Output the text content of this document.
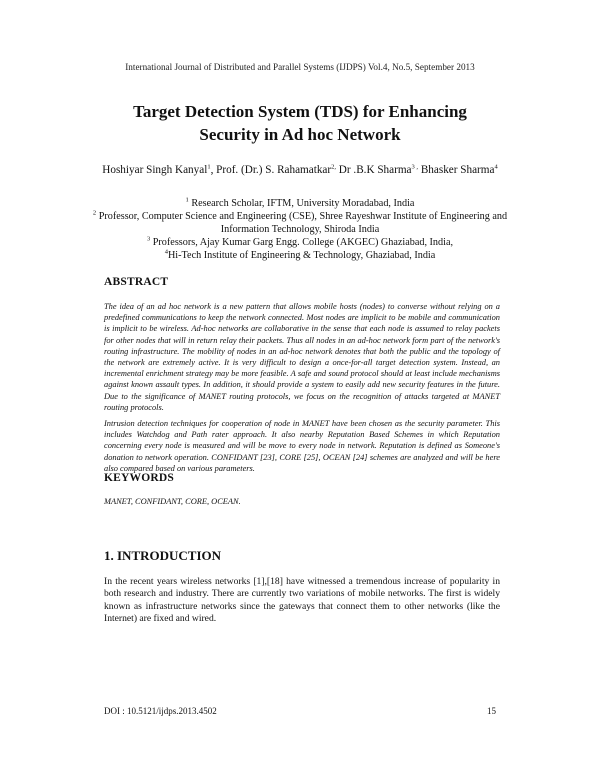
International Journal of Distributed and Parallel Systems (IJDPS) Vol.4, No.5, September 2013
Target Detection System (TDS) for Enhancing
Security in Ad hoc Network
Hoshiyar Singh Kanyal$^1$, Prof. (Dr.) S. Rahamatkar$^{2,}$ Dr .B.K Sharma$^{3 ,}$ Bhasker Sharma$^4$
$^1$ Research Scholar, IFTM, University Moradabad, India
$^2$ Professor, Computer Science and Engineering (CSE), Shree Rayeshwar Institute of Engineering and Information Technology, Shiroda India
$^3$ Professors, Ajay Kumar Garg Engg. College (AKGEC) Ghaziabad, India,
$^4$Hi-Tech Institute of Engineering & Technology, Ghaziabad, India
ABSTRACT

The idea of an ad hoc network is a new pattern that allows mobile hosts (nodes) to converse without relying on a predefined communications to keep the network connected. Most nodes are implicit to be mobile and communication is implicit to be wireless. Ad-hoc networks are collaborative in the sense that each node is assumed to relay packets for other nodes that will in return relay their packets. Thus all nodes in an ad-hoc network form part of the network's routing infrastructure. The mobility of nodes in an ad-hoc network denotes that both the public and the topology of the network are extremely active. It is very difficult to design a once-for-all target detection system. Instead, an incremental enrichment strategy may be more feasible. A safe and sound protocol should at least include mechanisms against known assault types. In addition, it should provide a system to easily add new security features in the future. Due to the significance of MANET routing protocols, we focus on the recognition of attacks targeted at MANET routing protocols.

Intrusion detection techniques for cooperation of node in MANET have been chosen as the security parameter. This includes Watchdog and Path rater approach. It also nearby Reputation Based Schemes in which Reputation concerning every node is measured and will be move to every node in network. Reputation is defined as Someone's donation to network operation. CONFIDANT [23], CORE [25], OCEAN [24] schemes are analyzed and will be here also compared based on various parameters.

KEYWORDS
MANET, CONFIDANT, CORE, OCEAN.
1. INTRODUCTION

In the recent years wireless networks [1],[18] have witnessed a tremendous increase of popularity in both research and industry. There are currently two variations of mobile networks. The first is widely known as infrastructure networks since the gateways that connect them to other networks (like the Internet) are fixed and wired.

DOI : 10.5121/ijdps.2013.4502	15
